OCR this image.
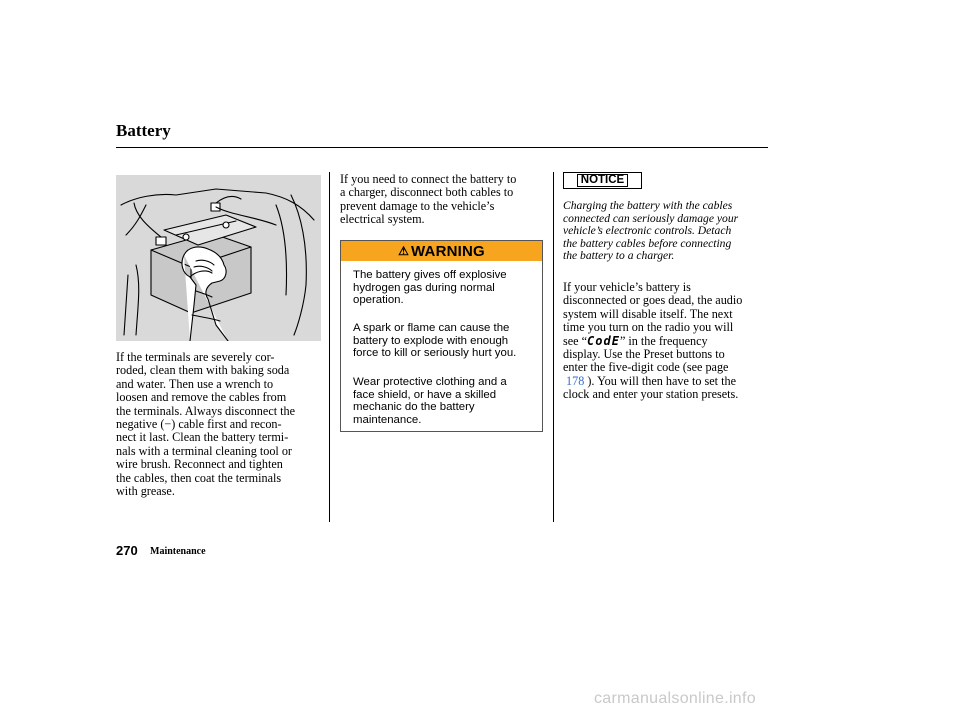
Battery
If the terminals are severely cor-
roded, clean them with baking soda
and water. Then use a wrench to
loosen and remove the cables from
the terminals. Always disconnect the
negative (−) cable first and recon-
nect it last. Clean the battery termi-
nals with a terminal cleaning tool or
wire brush. Reconnect and tighten
the cables, then coat the terminals
with grease.
If you need to connect the battery to
a charger, disconnect both cables to
prevent damage to the vehicle’s
electrical system.
⚠ WARNING
The battery gives off explosive
hydrogen gas during normal
operation.
A spark or flame can cause the
battery to explode with enough
force to kill or seriously hurt you.
Wear protective clothing and a
face shield, or have a skilled
mechanic do the battery
maintenance.
NOTICE
Charging the battery with the cables
connected can seriously damage your
vehicle’s electronic controls. Detach
the battery cables before connecting
the battery to a charger.
If your vehicle’s battery is
disconnected or goes dead, the audio
system will disable itself. The next
time you turn on the radio you will
see “CodE” in the frequency
display. Use the Preset buttons to
enter the five-digit code (see page
178 ). You will then have to set the
clock and enter your station presets.
270 Maintenance
carmanualsonline.info
